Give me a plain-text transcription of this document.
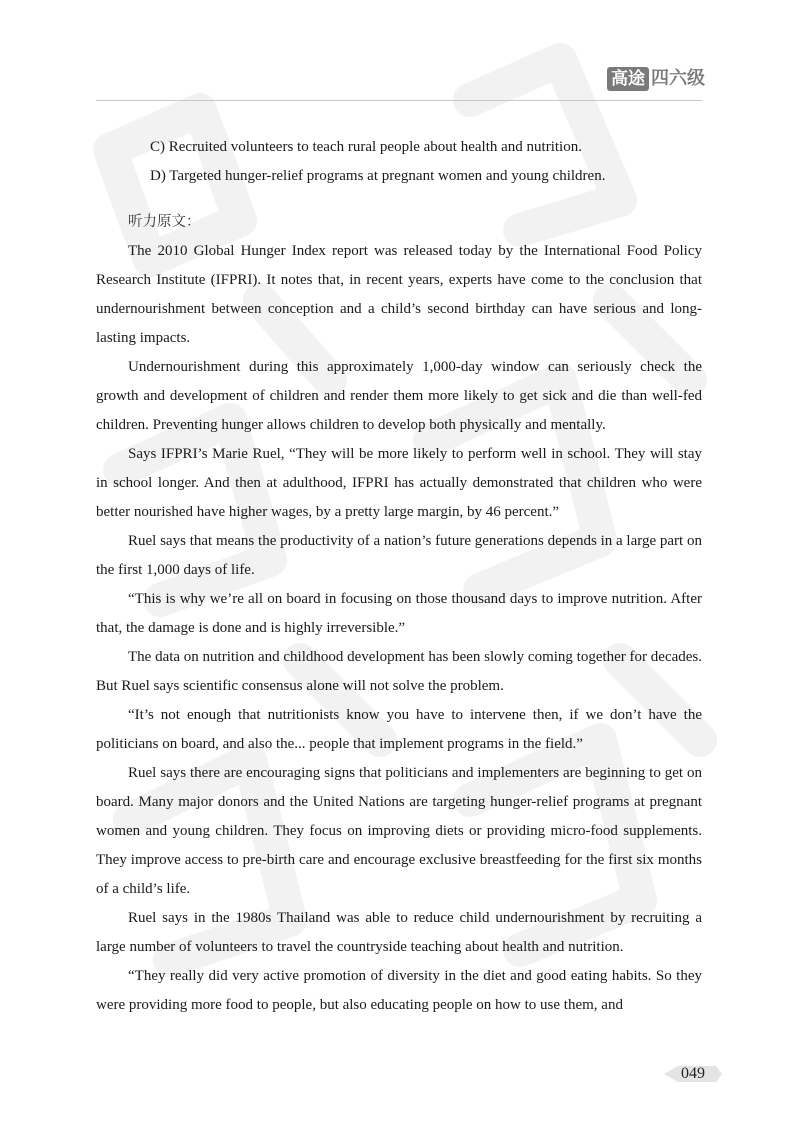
高途 四六级
C) Recruited volunteers to teach rural people about health and nutrition.
D) Targeted hunger-relief programs at pregnant women and young children.
听力原文：

The 2010 Global Hunger Index report was released today by the International Food Policy Research Institute (IFPRI). It notes that, in recent years, experts have come to the conclusion that undernourishment between conception and a child’s second birthday can have serious and long-lasting impacts.

Undernourishment during this approximately 1,000-day window can seriously check the growth and development of children and render them more likely to get sick and die than well-fed children. Preventing hunger allows children to develop both physically and mentally.

Says IFPRI’s Marie Ruel, “They will be more likely to perform well in school. They will stay in school longer. And then at adulthood, IFPRI has actually demonstrated that children who were better nourished have higher wages, by a pretty large margin, by 46 percent.”

Ruel says that means the productivity of a nation’s future generations depends in a large part on the first 1,000 days of life.

“This is why we’re all on board in focusing on those thousand days to improve nutrition. After that, the damage is done and is highly irreversible.”

The data on nutrition and childhood development has been slowly coming together for decades. But Ruel says scientific consensus alone will not solve the problem.

“It’s not enough that nutritionists know you have to intervene then, if we don’t have the politicians on board, and also the... people that implement programs in the field.”

Ruel says there are encouraging signs that politicians and implementers are beginning to get on board. Many major donors and the United Nations are targeting hunger-relief programs at pregnant women and young children. They focus on improving diets or providing micro-food supplements. They improve access to pre-birth care and encourage exclusive breastfeeding for the first six months of a child’s life.

Ruel says in the 1980s Thailand was able to reduce child undernourishment by recruiting a large number of volunteers to travel the countryside teaching about health and nutrition.

“They really did very active promotion of diversity in the diet and good eating habits. So they were providing more food to people, but also educating people on how to use them, and

049
